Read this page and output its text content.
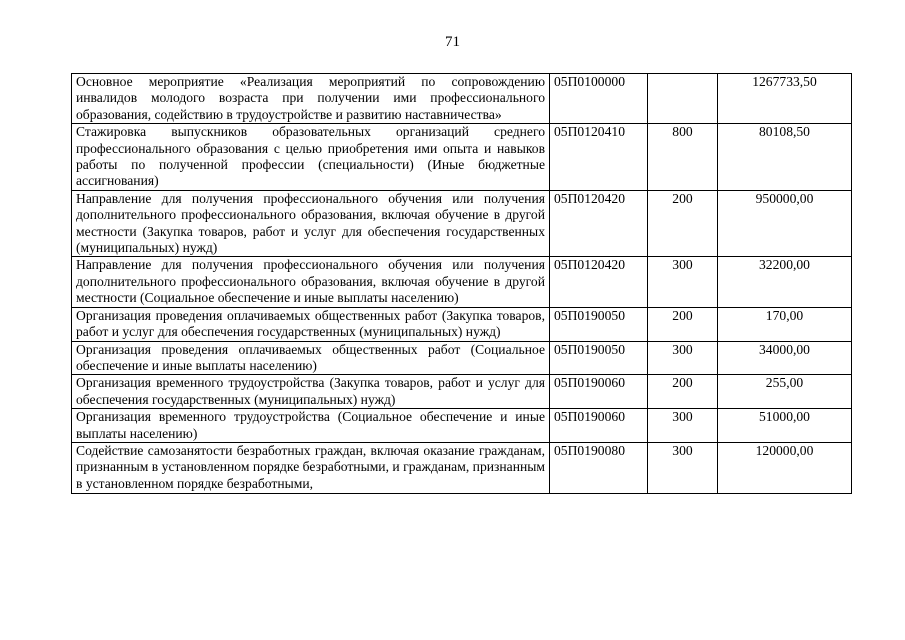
71
Основное мероприятие «Реализация мероприятий по сопровождению инвалидов молодого возраста при получении ими профессионального образования, содействию в трудоустройстве и развитию наставничества»	05П0100000		1267733,50
Стажировка выпускников образовательных организаций среднего профессионального образования с целью приобретения ими опыта и навыков работы по полученной профессии (специальности) (Иные бюджетные ассигнования)	05П0120410	800	80108,50
Направление для получения профессионального обучения или получения дополнительного профессионального образования, включая обучение в другой местности (Закупка товаров, работ и услуг для обеспечения государственных (муниципальных) нужд)	05П0120420	200	950000,00
Направление для получения профессионального обучения или получения дополнительного профессионального образования, включая обучение в другой местности (Социальное обеспечение и иные выплаты населению)	05П0120420	300	32200,00
Организация проведения оплачиваемых общественных работ (Закупка товаров, работ и услуг для обеспечения государственных (муниципальных) нужд)	05П0190050	200	170,00
Организация проведения оплачиваемых общественных работ (Социальное обеспечение и иные выплаты населению)	05П0190050	300	34000,00
Организация временного трудоустройства (Закупка товаров, работ и услуг для обеспечения государственных (муниципальных) нужд)	05П0190060	200	255,00
Организация временного трудоустройства (Социальное обеспечение и иные выплаты населению)	05П0190060	300	51000,00
Содействие самозанятости безработных граждан, включая оказание гражданам, признанным в установленном порядке безработными, и гражданам, признанным в установленном порядке безработными,	05П0190080	300	120000,00
